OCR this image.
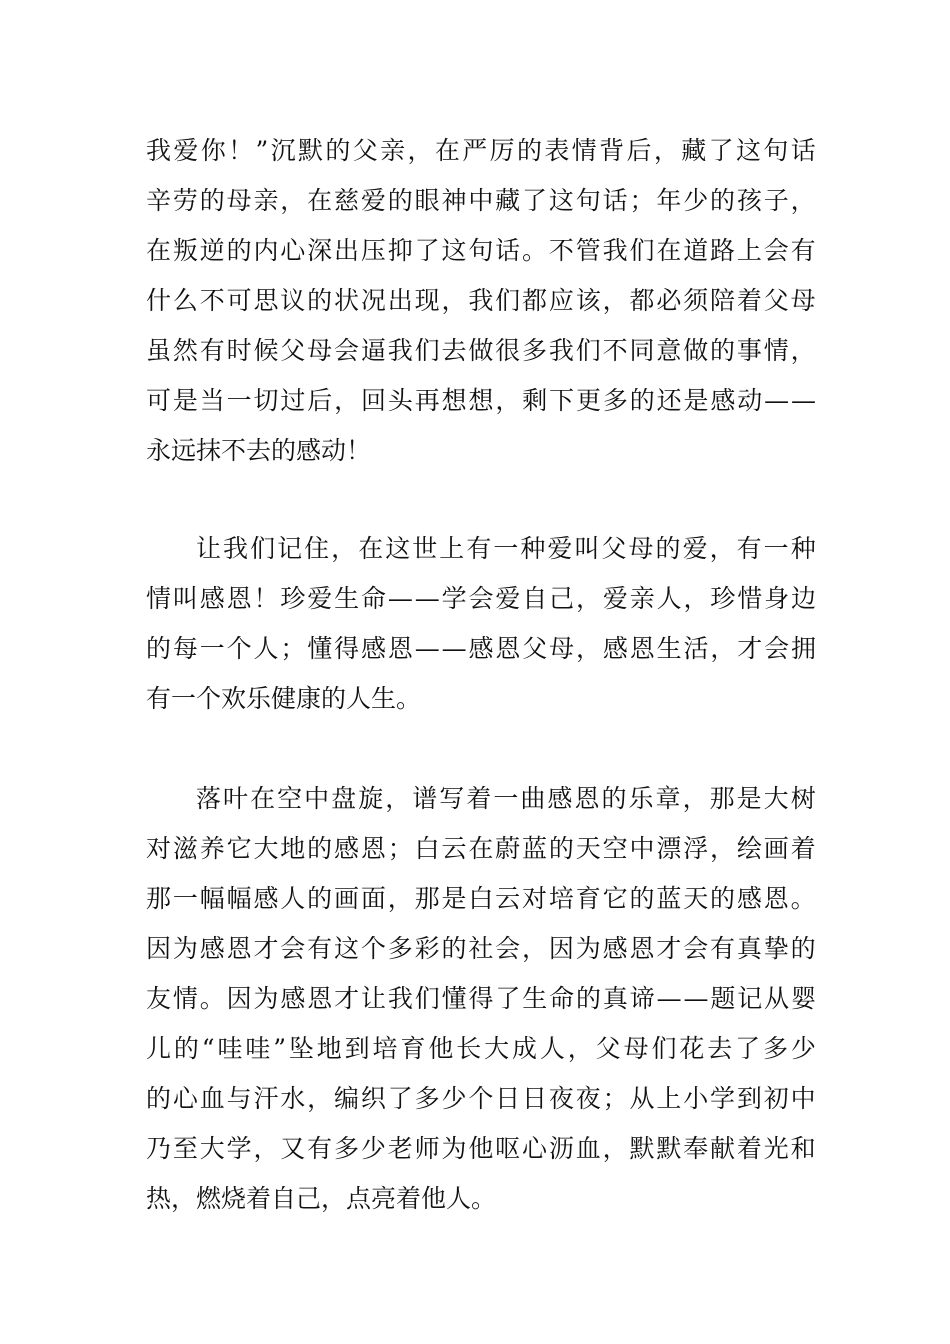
我 爱 你 ！ ” 沉 默 的 父 亲 ， 在 严 厉 的 表 情 背 后 ， 藏 了 这 句 话
辛 劳 的 母 亲 ， 在 慈 爱 的 眼 神 中 藏 了 这 句 话 ； 年 少 的 孩 子 ，
在 叛 逆 的 内 心 深 出 压 抑 了 这 句 话 。 不 管 我 们 在 道 路 上 会 有
什 么 不 可 思 议 的 状 况 出 现 ， 我 们 都 应 该 ， 都 必 须 陪 着 父 母
虽 然 有 时 候 父 母 会 逼 我 们 去 做 很 多 我 们 不 同 意 做 的 事 情 ，
可 是 当 一 切 过 后 ， 回 头 再 想 想 ， 剩 下 更 多 的 还 是 感 动 — —
永远抹不去的感动！
让 我 们 记 住 ， 在 这 世 上 有 一 种 爱 叫 父 母 的 爱 ， 有 一 种
情 叫 感 恩 ！ 珍 爱 生 命 — — 学 会 爱 自 己 ， 爱 亲 人 ， 珍 惜 身 边
的 每 一 个 人 ； 懂 得 感 恩 — — 感 恩 父 母 ， 感 恩 生 活 ， 才 会 拥
有一个欢乐健康的人生。
落 叶 在 空 中 盘 旋 ， 谱 写 着 一 曲 感 恩 的 乐 章 ， 那 是 大 树
对 滋 养 它 大 地 的 感 恩 ； 白 云 在 蔚 蓝 的 天 空 中 漂 浮 ， 绘 画 着
那 一 幅 幅 感 人 的 画 面 ， 那 是 白 云 对 培 育 它 的 蓝 天 的 感 恩 。
因 为 感 恩 才 会 有 这 个 多 彩 的 社 会 ， 因 为 感 恩 才 会 有 真 挚 的
友 情 。 因 为 感 恩 才 让 我 们 懂 得 了 生 命 的 真 谛 — — 题 记 从 婴
儿 的 “ 哇 哇 ” 坠 地 到 培 育 他 长 大 成 人 ， 父 母 们 花 去 了 多 少
的 心 血 与 汗 水 ， 编 织 了 多 少 个 日 日 夜 夜 ； 从 上 小 学 到 初 中
乃 至 大 学 ， 又 有 多 少 老 师 为 他 呕 心 沥 血 ， 默 默 奉 献 着 光 和
热，燃烧着自己，点亮着他人。
